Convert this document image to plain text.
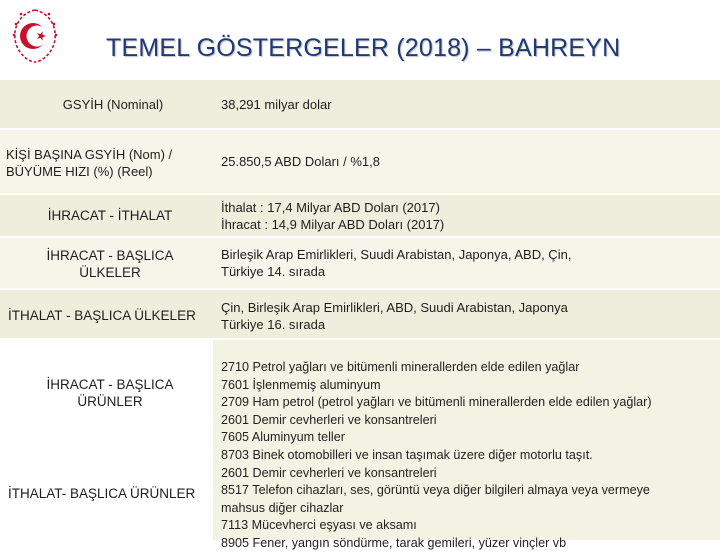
TEMEL GÖSTERGELER (2018) – BAHREYN
GSYİH (Nominal)	38,291 milyar dolar
KİŞİ BAŞINA GSYİH (Nom) /
BÜYÜME HIZI (%) (Reel)
25.850,5 ABD Doları / %1,8
İHRACAT - İTHALAT
İthalat : 17,4 Milyar ABD Doları (2017)
İhracat : 14,9 Milyar ABD Doları (2017)
İHRACAT - BAŞLICA
ÜLKELER
Birleşik Arap Emirlikleri, Suudi Arabistan, Japonya, ABD, Çin,
Türkiye 14. sırada
İTHALAT - BAŞLICA ÜLKELER
Çin, Birleşik Arap Emirlikleri, ABD, Suudi Arabistan, Japonya
Türkiye 16. sırada
İHRACAT - BAŞLICA
ÜRÜNLER
İTHALAT- BAŞLICA ÜRÜNLER
2710 Petrol yağları ve bitümenli minerallerden elde edilen yağlar
7601 İşlenmemiş aluminyum
2709 Ham petrol (petrol yağları ve bitümenli minerallerden elde edilen yağlar)
2601 Demir cevherleri ve konsantreleri
7605 Aluminyum teller
8703 Binek otomobilleri ve insan taşımak üzere diğer motorlu taşıt.
2601 Demir cevherleri ve konsantreleri
8517 Telefon cihazları, ses, görüntü veya diğer bilgileri almaya veya vermeye
mahsus diğer cihazlar
7113 Mücevherci eşyası ve aksamı
8905 Fener, yangın söndürme, tarak gemileri, yüzer vinçler vb
